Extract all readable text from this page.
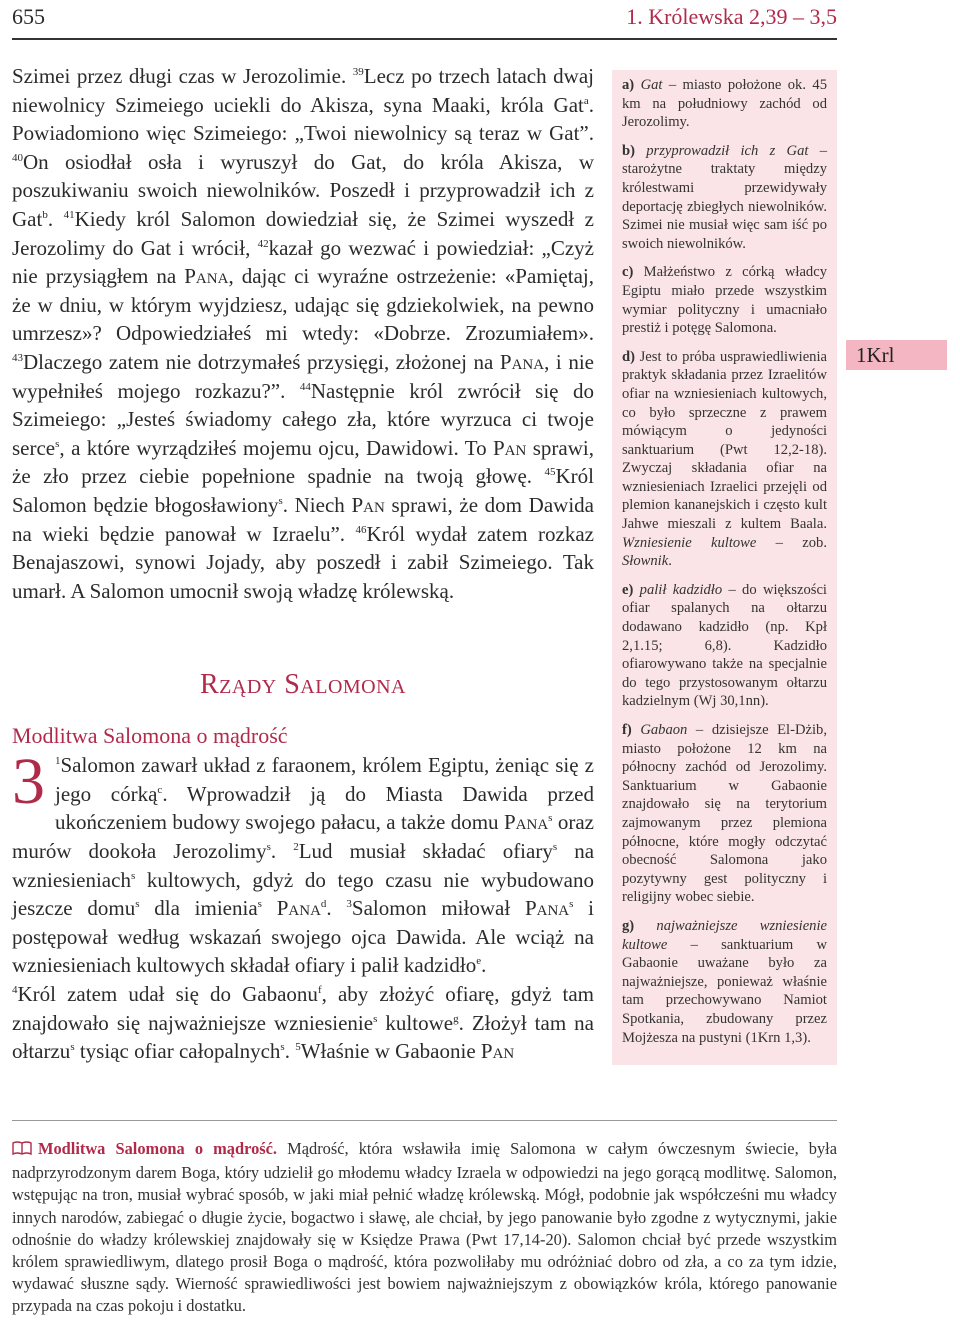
655	1. Królewska 2,39 – 3,5

Szimei przez długi czas w Jerozolimie. $^{39}$Lecz po trzech latach dwaj niewolnicy Szimeiego uciekli do Akisza, syna Maaki, króla Gat$^a$. Powiadomiono więc Szimeiego: „Twoi niewolnicy są teraz w Gat”. $^{40}$On osiodłał osła i wyruszył do Gat, do króla Akisza, w poszukiwaniu swoich niewolników. Poszedł i przyprowadził ich z Gat$^b$. $^{41}$Kiedy król Salomon dowiedział się, że Szimei wyszedł z Jerozolimy do Gat i wrócił, $^{42}$kazał go wezwać i powiedział: „Czyż nie przysiągłem na Pana, dając ci wyraźne ostrzeżenie: «Pamiętaj, że w dniu, w którym wyjdziesz, udając się gdziekolwiek, na pewno umrzesz»? Odpowiedziałeś mi wtedy: «Dobrze. Zrozumiałem». $^{43}$Dlaczego zatem nie dotrzymałeś przysięgi, złożonej na Pana, i nie wypełniłeś mojego rozkazu?”. $^{44}$Następnie król zwrócił się do Szimeiego: „Jesteś świadomy całego zła, które wyrzuca ci twoje serce$^s$, a które wyrządziłeś mojemu ojcu, Dawidowi. To Pan sprawi, że zło przez ciebie popełnione spadnie na twoją głowę. $^{45}$Król Salomon będzie błogosławiony$^s$. Niech Pan sprawi, że dom Dawida na wieki będzie panował w Izraelu”. $^{46}$Król wydał zatem rozkaz Benajaszowi, synowi Jojady, aby poszedł i zabił Szimeiego. Tak umarł. A Salomon umocnił swoją władzę królewską.

Rządy Salomona
Modlitwa Salomona o mądrość

3 $^1$Salomon zawarł układ z faraonem, królem Egiptu, żeniąc się z jego córką$^c$. Wprowadził ją do Miasta Dawida przed ukończeniem budowy swojego pałacu, a także domu Pana$^s$ oraz murów dookoła Jerozolimy$^s$. $^2$Lud musiał składać ofiary$^s$ na wzniesieniach$^s$ kultowych, gdyż do tego czasu nie wybudowano jeszcze domu$^s$ dla imienia$^s$ Pana$^d$. $^3$Salomon miłował Pana$^s$ i postępował według wskazań swojego ojca Dawida. Ale wciąż na wzniesieniach kultowych składał ofiary i palił kadzidło$^e$.

$^4$Król zatem udał się do Gabaonu$^f$, aby złożyć ofiarę, gdyż tam znajdowało się najważniejsze wzniesienie$^s$ kultowe$^g$. Złożył tam na ołtarzu$^s$ tysiąc ofiar całopalnych$^s$. $^5$Właśnie w Gabaonie Pan

a) Gat – miasto położone ok. 45 km na południowy zachód od Jerozolimy.

b) przyprowadził ich z Gat – starożytne traktaty między królestwami przewidywały deportację zbiegłych niewolników. Szimei nie musiał więc sam iść po swoich niewolników.

c) Małżeństwo z córką władcy Egiptu miało przede wszystkim wymiar polityczny i umacniało prestiż i potęgę Salomona.

d) Jest to próba usprawiedliwienia praktyk składania przez Izraelitów ofiar na wzniesieniach kultowych, co było sprzeczne z prawem mówiącym o jedyności sanktuarium (Pwt 12,2-18). Zwyczaj składania ofiar na wzniesieniach Izraelici przejęli od plemion kananejskich i często kult Jahwe mieszali z kultem Baala. Wzniesienie kultowe – zob. Słownik.

e) palił kadzidło – do większości ofiar spalanych na ołtarzu dodawano kadzidło (np. Kpł 2,1.15; 6,8). Kadzidło ofiarowywano także na specjalnie do tego przystosowanym ołtarzu kadzielnym (Wj 30,1nn).

f) Gabaon – dzisiejsze El-Dżib, miasto położone 12 km na północny zachód od Jerozolimy. Sanktuarium w Gabaonie znajdowało się na terytorium zajmowanym przez plemiona północne, które mogły odczytać obecność Salomona jako pozytywny gest polityczny i religijny wobec siebie.

g) najważniejsze wzniesienie kultowe – sanktuarium w Gabaonie uważane było za najważniejsze, ponieważ właśnie tam przechowywano Namiot Spotkania, zbudowany przez Mojżesza na pustyni (1Krn 1,3).

1Krl

Modlitwa Salomona o mądrość. Mądrość, która wsławiła imię Salomona w całym ówczesnym świecie, była nadprzyrodzonym darem Boga, który udzielił go młodemu władcy Izraela w odpowiedzi na jego gorącą modlitwę. Salomon, wstępując na tron, musiał wybrać sposób, w jaki miał pełnić władzę królewską. Mógł, podobnie jak współcześni mu władcy innych narodów, zabiegać o długie życie, bogactwo i sławę, ale chciał, by jego panowanie było zgodne z wytycznymi, jakie odnośnie do władzy królewskiej znajdowały się w Księdze Prawa (Pwt 17,14-20). Salomon chciał być przede wszystkim królem sprawiedliwym, dlatego prosił Boga o mądrość, która pozwoliłaby mu odróżniać dobro od zła, a co za tym idzie, wydawać słuszne sądy. Wierność sprawiedliwości jest bowiem najważniejszym z obowiązków króla, którego panowanie przypada na czas pokoju i dostatku.
